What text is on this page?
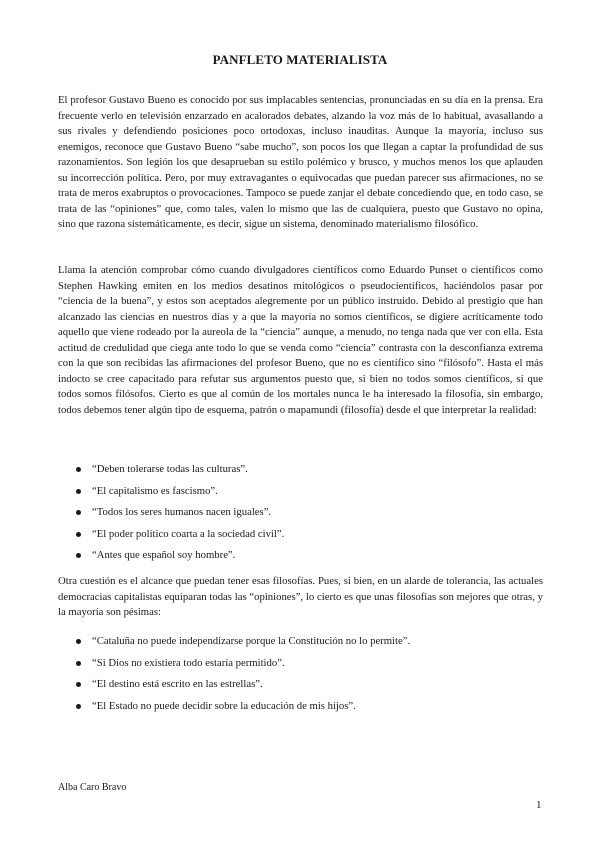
PANFLETO MATERIALISTA

El profesor Gustavo Bueno es conocido por sus implacables sentencias, pronunciadas en su día en la prensa. Era frecuente verlo en televisión enzarzado en acalorados debates, alzando la voz más de lo habitual, avasallando a sus rivales y defendiendo posiciones poco ortodoxas, incluso inauditas. Aunque la mayoría, incluso sus enemigos, reconoce que Gustavo Bueno “sabe mucho”, son pocos los que llegan a captar la profundidad de sus razonamientos. Son legión los que desaprueban su estilo polémico y brusco, y muchos menos los que aplauden su incorrección política. Pero, por muy extravagantes o equivocadas que puedan parecer sus afirmaciones, no se trata de meros exabruptos o provocaciones. Tampoco se puede zanjar el debate concediendo que, en todo caso, se trata de las “opiniones” que, como tales, valen lo mismo que las de cualquiera, puesto que Gustavo no opina, sino que razona sistemáticamente, es decir, sigue un sistema, denominado materialismo filosófico.

Llama la atención comprobar cómo cuando divulgadores científicos como Eduardo Punset o científicos como Stephen Hawking emiten en los medios desatinos mitológicos o pseudocientíficos, haciéndolos pasar por “ciencia de la buena”, y estos son aceptados alegremente por un público instruido. Debido al prestigio que han alcanzado las ciencias en nuestros días y a que la mayoría no somos científicos, se digiere acríticamente todo aquello que viene rodeado por la aureola de la “ciencia” aunque, a menudo, no tenga nada que ver con ella. Esta actitud de credulidad que ciega ante todo lo que se venda como “ciencia” contrasta con la desconfianza extrema con la que son recibidas las afirmaciones del profesor Bueno, que no es científico sino “filósofo”. Hasta el más indocto se cree capacitado para refutar sus argumentos puesto que, si bien no todos somos científicos, sí que todos somos filósofos. Cierto es que al común de los mortales nunca le ha interesado la filosofía, sin embargo, todos debemos tener algún tipo de esquema, patrón o mapamundi (filosofía) desde el que interpretar la realidad:

“Deben tolerarse todas las culturas”.
“El capitalismo es fascismo”.
“Todos los seres humanos nacen iguales”.
“El poder político coarta a la sociedad civil”.
“Antes que español soy hombre”.

Otra cuestión es el alcance que puedan tener esas filosofías. Pues, si bien, en un alarde de tolerancia, las actuales democracias capitalistas equiparan todas las “opiniones”, lo cierto es que unas filosofías son mejores que otras, y la mayoría son pésimas:

“Cataluña no puede independizarse porque la Constitución no lo permite”.
“Si Dios no existiera todo estaría permitido”.
“El destino está escrito en las estrellas”.
“El Estado no puede decidir sobre la educación de mis hijos”.
Alba Caro Bravo
1
